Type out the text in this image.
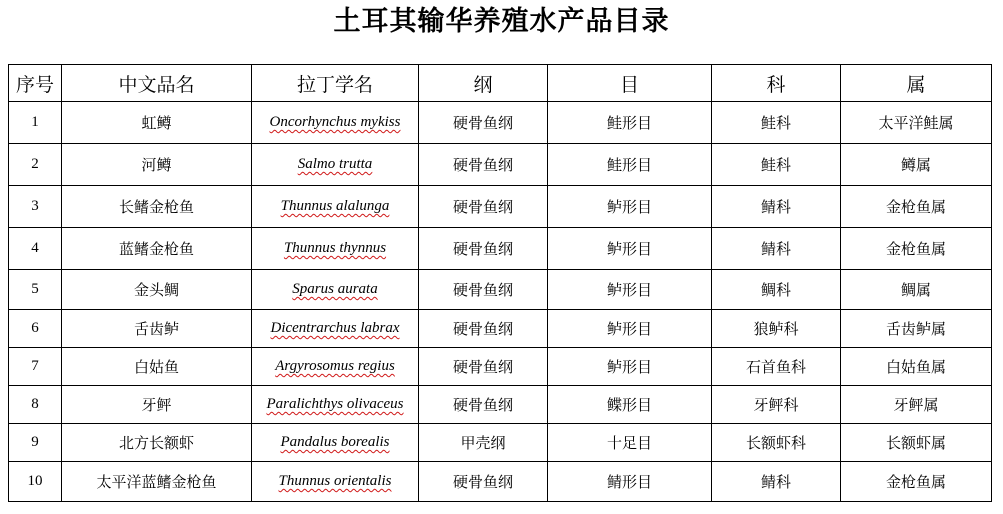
土耳其输华养殖水产品目录
序号	中文品名	拉丁学名	纲	目	科	属
1	虹鳟	Oncorhynchus mykiss	硬骨鱼纲	鲑形目	鲑科	太平洋鲑属
2	河鳟	Salmo trutta	硬骨鱼纲	鲑形目	鲑科	鳟属
3	长鳍金枪鱼	Thunnus alalunga	硬骨鱼纲	鲈形目	鲭科	金枪鱼属
4	蓝鳍金枪鱼	Thunnus thynnus	硬骨鱼纲	鲈形目	鲭科	金枪鱼属
5	金头鲷	Sparus aurata	硬骨鱼纲	鲈形目	鲷科	鲷属
6	舌齿鲈	Dicentrarchus labrax	硬骨鱼纲	鲈形目	狼鲈科	舌齿鲈属
7	白姑鱼	Argyrosomus regius	硬骨鱼纲	鲈形目	石首鱼科	白姑鱼属
8	牙鲆	Paralichthys olivaceus	硬骨鱼纲	鲽形目	牙鲆科	牙鲆属
9	北方长额虾	Pandalus borealis	甲壳纲	十足目	长额虾科	长额虾属
10	太平洋蓝鳍金枪鱼	Thunnus orientalis	硬骨鱼纲	鲭形目	鲭科	金枪鱼属
